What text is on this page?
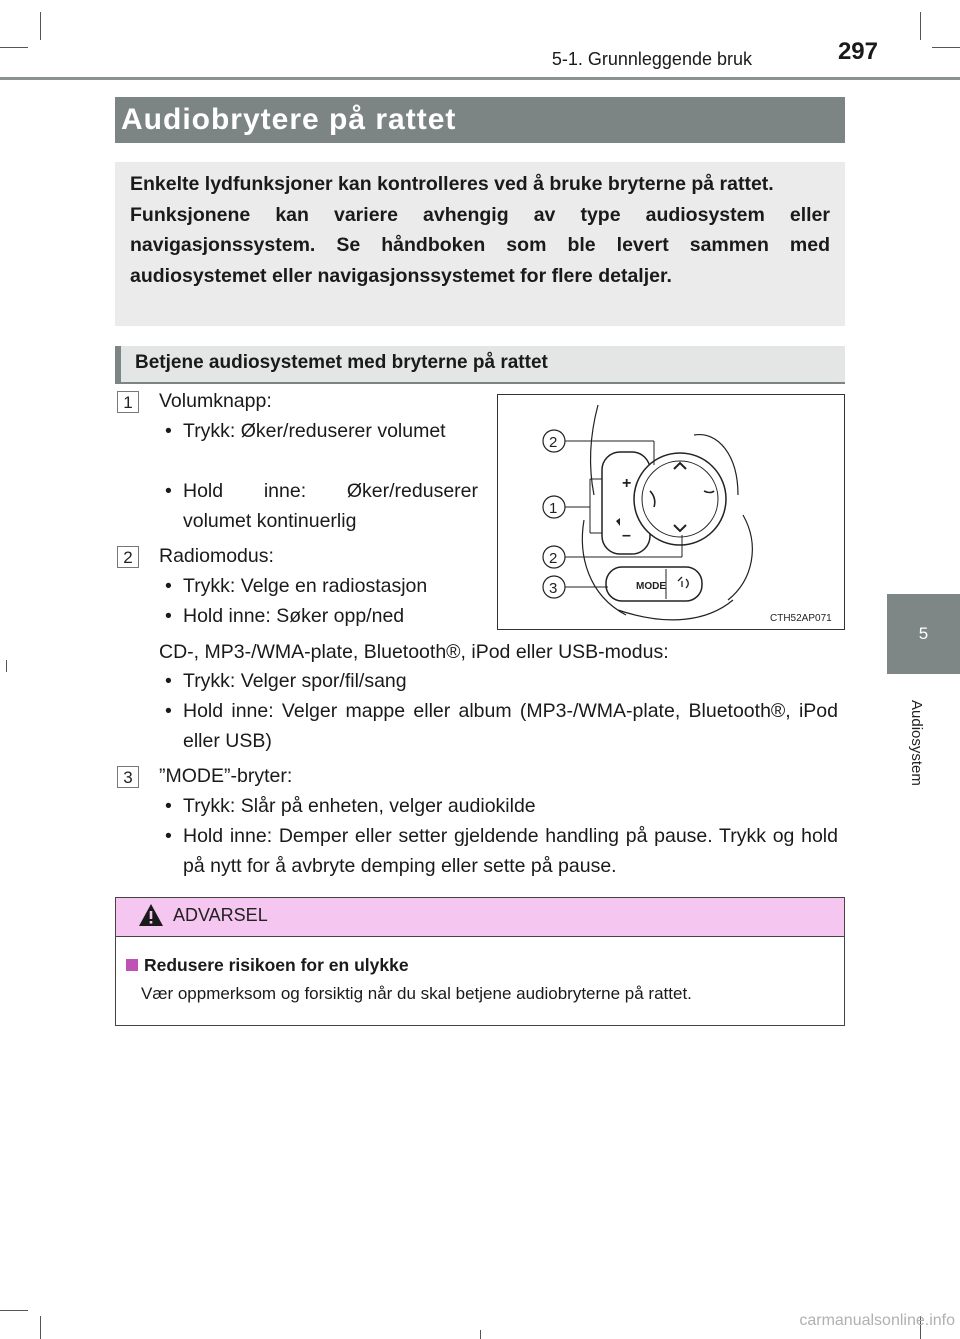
297
5-1. Grunnleggende bruk
5
Audiosystem
Audiobrytere på rattet

Enkelte lydfunksjoner kan kontrolleres ved å bruke bryterne på rattet.

Funksjonene kan variere avhengig av type audiosystem eller navigasjonssystem. Se håndboken som ble levert sammen med audiosystemet eller navigasjonssystemet for flere detaljer.

Betjene audiosystemet med bryterne på rattet
1	Volumknapp:
• Trykk: Øker/reduserer volumet
• Hold inne: Øker/reduserer volumet kontinuerlig
2	Radiomodus:
• Trykk: Velge en radiostasjon
• Hold inne: Søker opp/ned
CD-, MP3-/WMA-plate, Bluetooth®, iPod eller USB-modus:
• Trykk: Velger spor/fil/sang
• Hold inne: Velger mappe eller album (MP3-/WMA-plate, Bluetooth®, iPod eller USB)
3	”MODE”-bryter:
• Trykk: Slår på enheten, velger audiokilde
• Hold inne: Demper eller setter gjeldende handling på pause. Trykk og hold på nytt for å avbryte demping eller sette på pause.
+
–
MODE
2
1
2
3
CTH52AP071
ADVARSEL
Redusere risikoen for en ulykke
Vær oppmerksom og forsiktig når du skal betjene audiobryterne på rattet.
carmanualsonline.info
